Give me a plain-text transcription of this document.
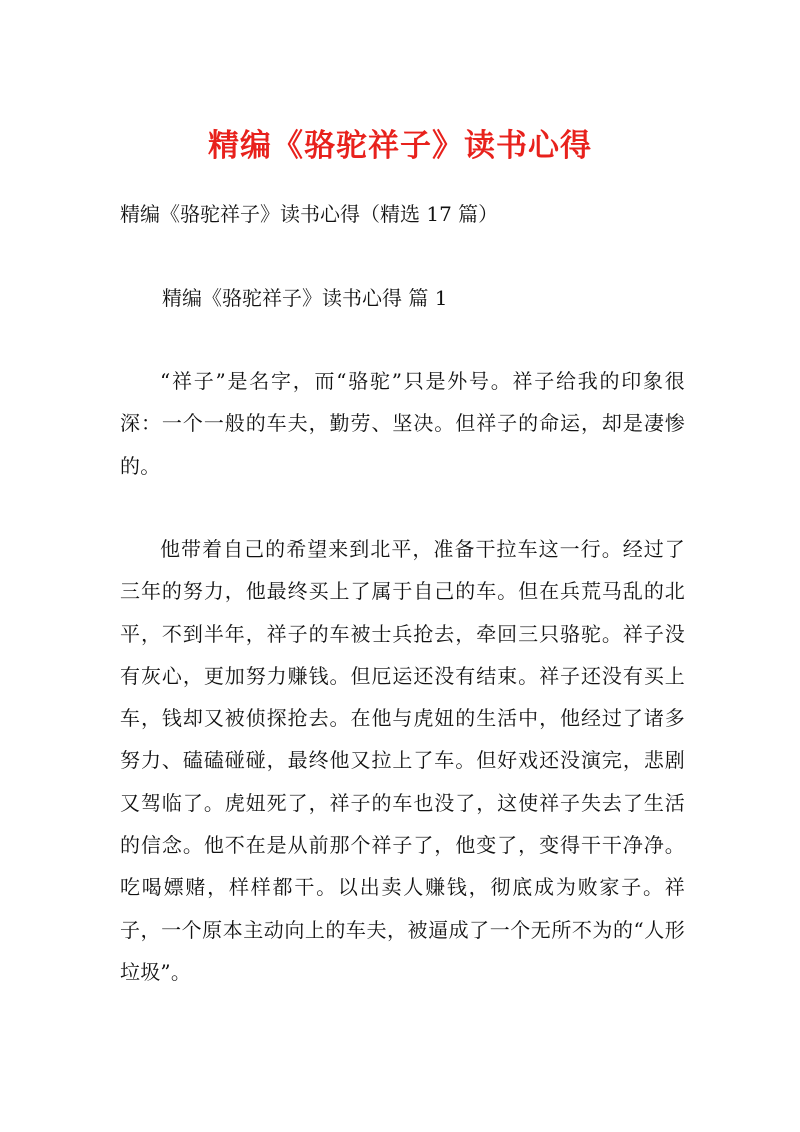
精编《骆驼祥子》读书心得

精编《骆驼祥子》读书心得（精选 17 篇）

精编《骆驼祥子》读书心得 篇 1

“祥子”是名字，而“骆驼”只是外号。祥子给我的印象很深：一个一般的车夫，勤劳、坚决。但祥子的命运，却是凄惨的。

他带着自己的希望来到北平，准备干拉车这一行。经过了三年的努力，他最终买上了属于自己的车。但在兵荒马乱的北平，不到半年，祥子的车被士兵抢去，牵回三只骆驼。祥子没有灰心，更加努力赚钱。但厄运还没有结束。祥子还没有买上车，钱却又被侦探抢去。在他与虎妞的生活中，他经过了诸多努力、磕磕碰碰，最终他又拉上了车。但好戏还没演完，悲剧又驾临了。虎妞死了，祥子的车也没了，这使祥子失去了生活的信念。他不在是从前那个祥子了，他变了，变得干干净净。吃喝嫖赌，样样都干。以出卖人赚钱，彻底成为败家子。祥子，一个原本主动向上的车夫，被逼成了一个无所不为的“人形垃圾”。
